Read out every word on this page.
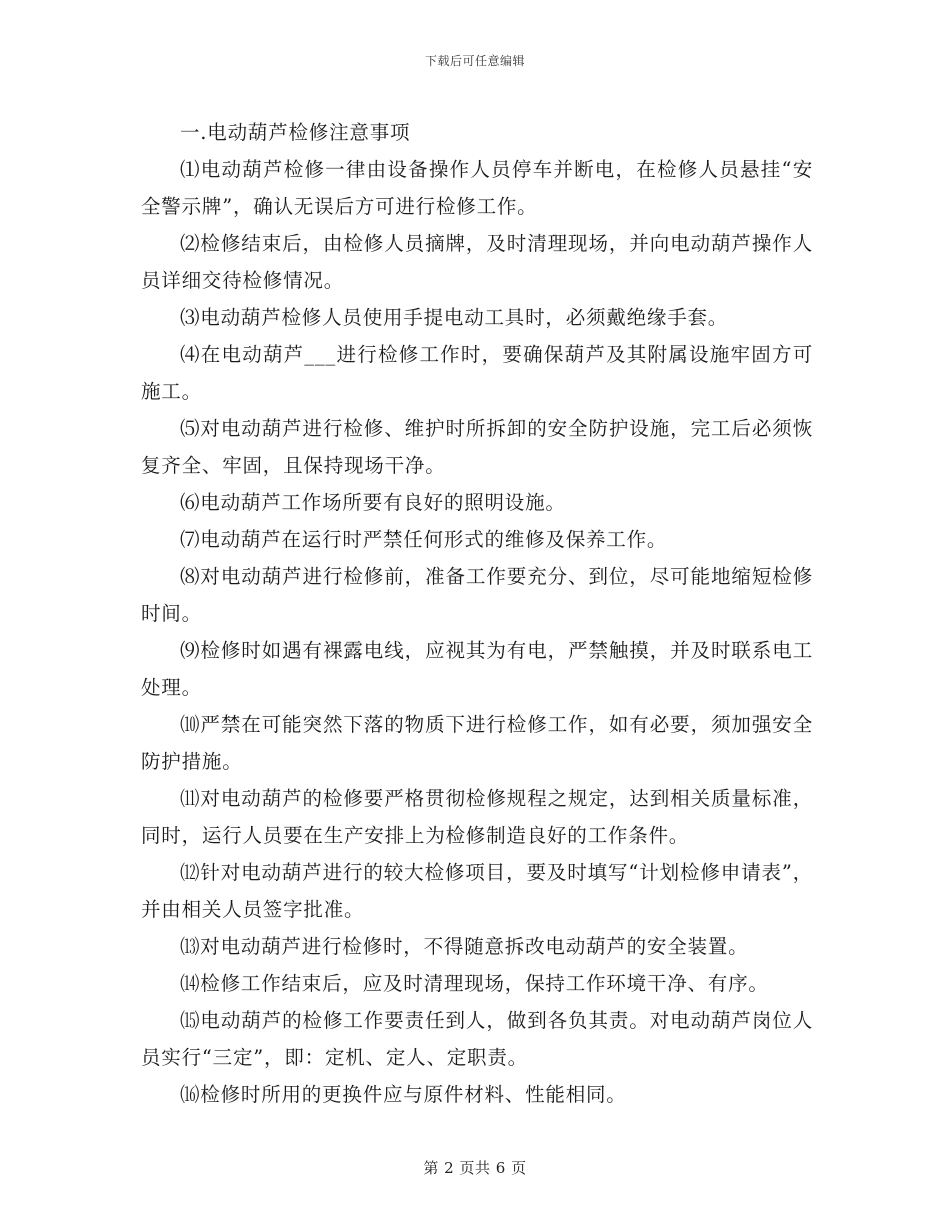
下载后可任意编辑

一.电动葫芦检修注意事项

⑴电动葫芦检修一律由设备操作人员停车并断电，在检修人员悬挂“安全警示牌”，确认无误后方可进行检修工作。

⑵检修结束后，由检修人员摘牌，及时清理现场，并向电动葫芦操作人员详细交待检修情况。

⑶电动葫芦检修人员使用手提电动工具时，必须戴绝缘手套。

⑷在电动葫芦___进行检修工作时，要确保葫芦及其附属设施牢固方可施工。

⑸对电动葫芦进行检修、维护时所拆卸的安全防护设施，完工后必须恢复齐全、牢固，且保持现场干净。

⑹电动葫芦工作场所要有良好的照明设施。

⑺电动葫芦在运行时严禁任何形式的维修及保养工作。

⑻对电动葫芦进行检修前，准备工作要充分、到位，尽可能地缩短检修时间。

⑼检修时如遇有裸露电线，应视其为有电，严禁触摸，并及时联系电工处理。

⑽严禁在可能突然下落的物质下进行检修工作，如有必要，须加强安全防护措施。

⑾对电动葫芦的检修要严格贯彻检修规程之规定，达到相关质量标准，同时，运行人员要在生产安排上为检修制造良好的工作条件。

⑿针对电动葫芦进行的较大检修项目，要及时填写“计划检修申请表”，并由相关人员签字批准。

⒀对电动葫芦进行检修时，不得随意拆改电动葫芦的安全装置。

⒁检修工作结束后，应及时清理现场，保持工作环境干净、有序。

⒂电动葫芦的检修工作要责任到人，做到各负其责。对电动葫芦岗位人员实行“三定”，即：定机、定人、定职责。

⒃检修时所用的更换件应与原件材料、性能相同。

第 2 页共 6 页
